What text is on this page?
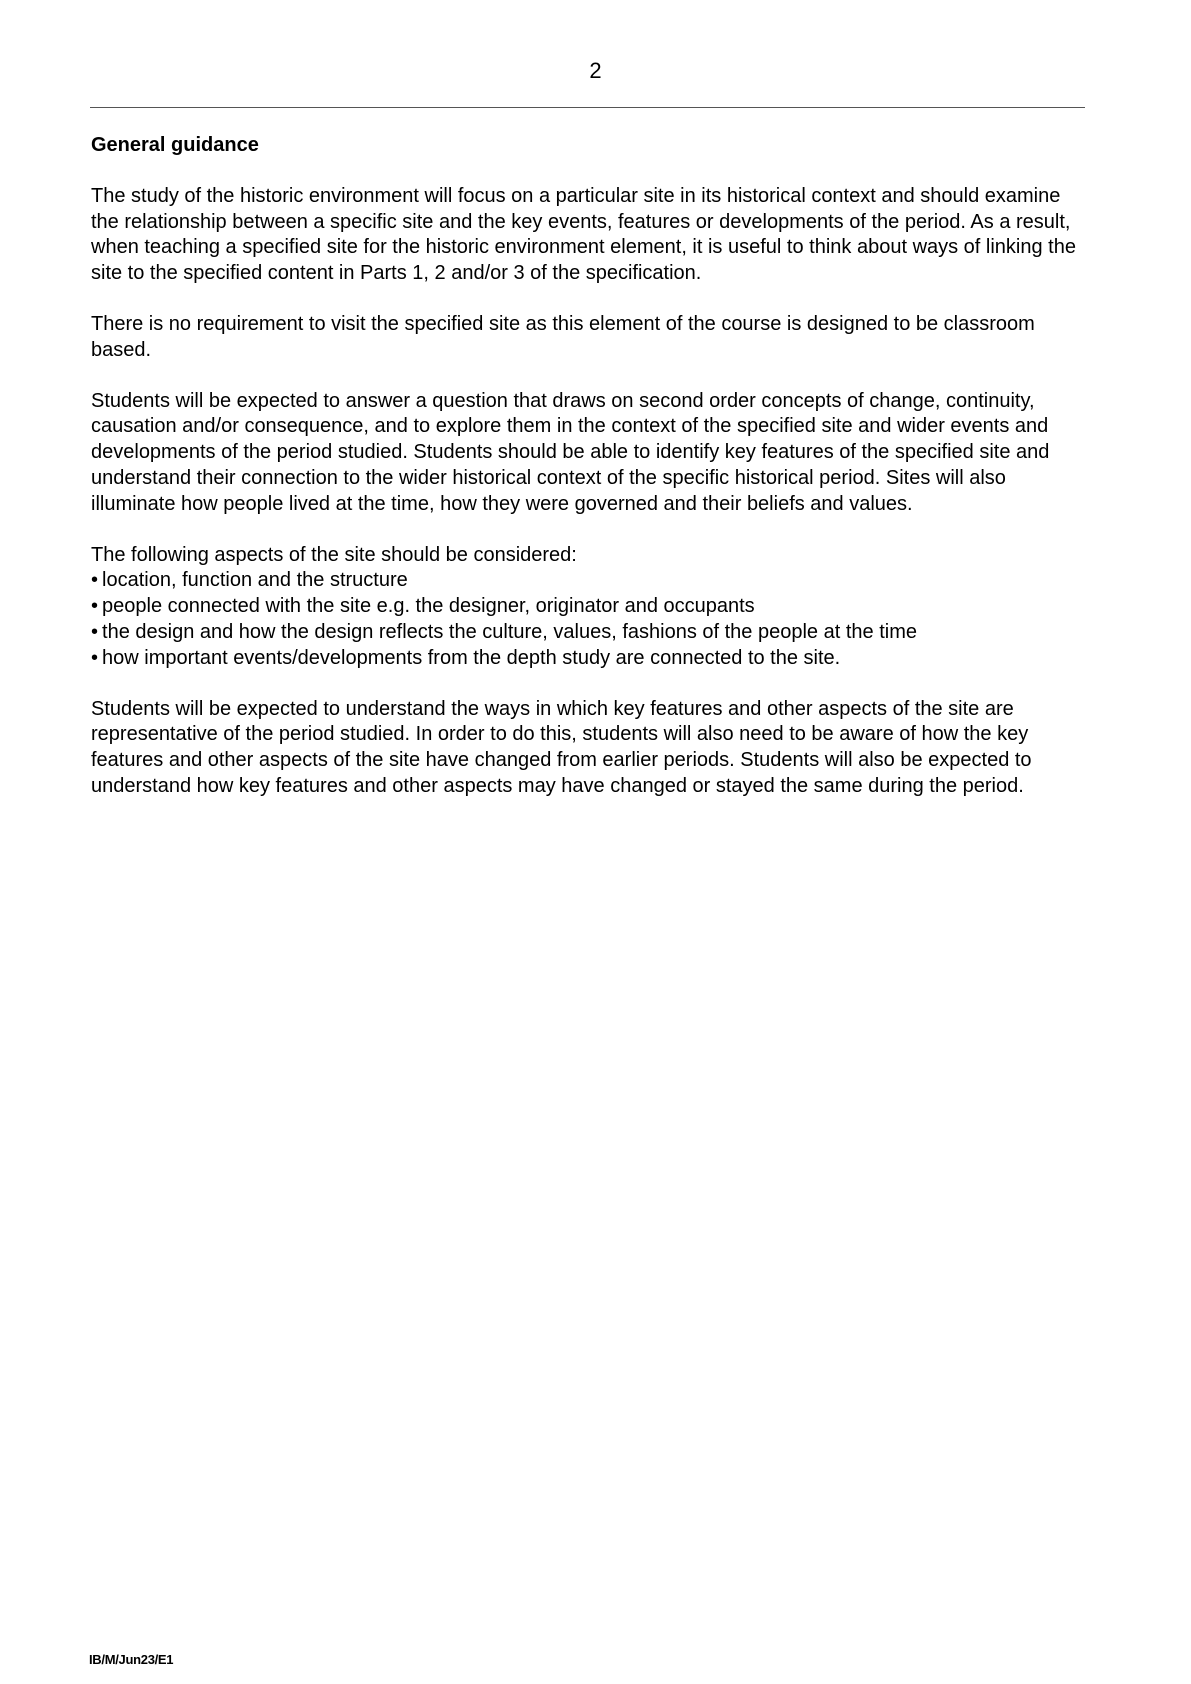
2
General guidance

The study of the historic environment will focus on a particular site in its historical context and should examine the relationship between a specific site and the key events, features or developments of the period. As a result, when teaching a specified site for the historic environment element, it is useful to think about ways of linking the site to the specified content in Parts 1, 2 and/or 3 of the specification.

There is no requirement to visit the specified site as this element of the course is designed to be classroom based.

Students will be expected to answer a question that draws on second order concepts of change, continuity, causation and/or consequence, and to explore them in the context of the specified site and wider events and developments of the period studied. Students should be able to identify key features of the specified site and understand their connection to the wider historical context of the specific historical period. Sites will also illuminate how people lived at the time, how they were governed and their beliefs and values.

The following aspects of the site should be considered:

• location, function and the structure
• people connected with the site e.g. the designer, originator and occupants
• the design and how the design reflects the culture, values, fashions of the people at the time
• how important events/developments from the depth study are connected to the site.

Students will be expected to understand the ways in which key features and other aspects of the site are representative of the period studied. In order to do this, students will also need to be aware of how the key features and other aspects of the site have changed from earlier periods. Students will also be expected to understand how key features and other aspects may have changed or stayed the same during the period.

IB/M/Jun23/E1
